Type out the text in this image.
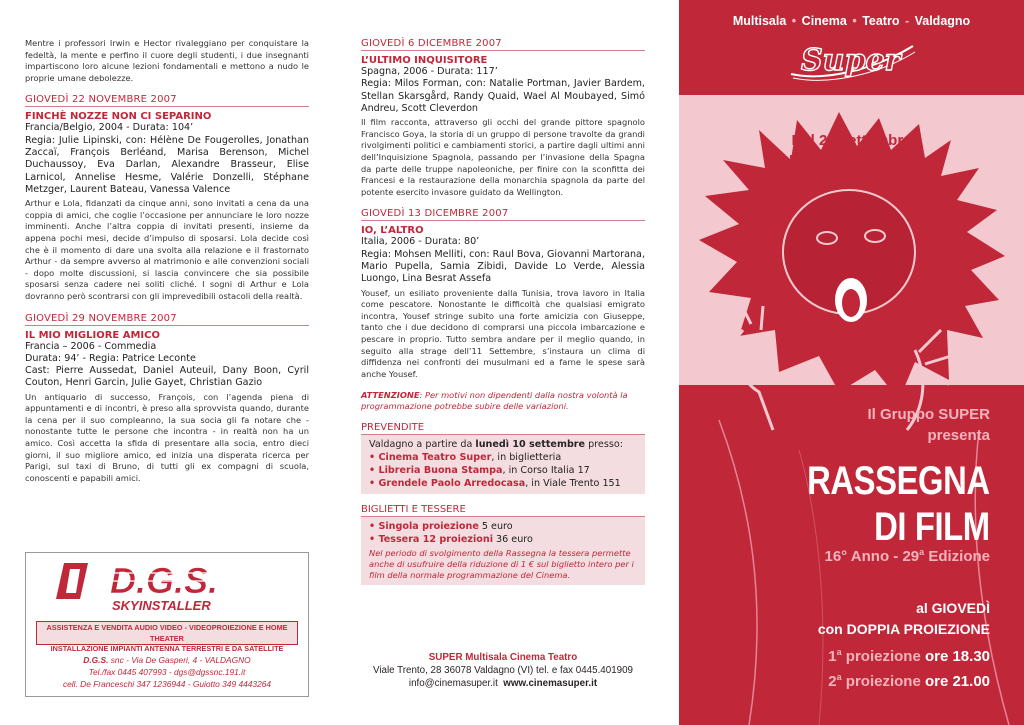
Mentre i professori Irwin e Hector rivaleggiano per conquistare la fedeltà, la mente e perfino il cuore degli studenti, i due insegnanti impartiscono loro alcune lezioni fondamentali e mettono a nudo le proprie umane debolezze.

GIOVEDÌ 22 NOVEMBRE 2007
FINCHÈ NOZZE NON CI SEPARINO
Francia/Belgio, 2004 - Durata: 104’
Regia: Julie Lipinski, con: Hélène De Fougerolles, Jonathan Zaccaï, François Berléand, Marisa Berenson, Michel Duchaussoy, Eva Darlan, Alexandre Brasseur, Elise Larnicol, Annelise Hesme, Valérie Donzelli, Stéphane Metzger, Laurent Bateau, Vanessa Valence

Arthur e Lola, fidanzati da cinque anni, sono invitati a cena da una coppia di amici, che coglie l’occasione per annunciare le loro nozze imminenti. Anche l’altra coppia di invitati presenti, insieme da appena pochi mesi, decide d’impulso di sposarsi. Lola decide così che è il momento di dare una svolta alla relazione e il frastornato Arthur - da sempre avverso al matrimonio e alle convenzioni sociali - dopo molte discussioni, si lascia convincere che sia possibile sposarsi senza cadere nei soliti cliché. I sogni di Arthur e Lola dovranno però scontrarsi con gli imprevedibili ostacoli della realtà.

GIOVEDÌ 29 NOVEMBRE 2007
IL MIO MIGLIORE AMICO
Francia – 2006 - Commedia
Durata: 94’ - Regia: Patrice Leconte
Cast: Pierre Aussedat, Daniel Auteuil, Dany Boon, Cyril Couton, Henri Garcin, Julie Gayet, Christian Gazio

Un antiquario di successo, François, con l’agenda piena di appuntamenti e di incontri, è preso alla sprovvista quando, durante la cena per il suo compleanno, la sua socia gli fa notare che - nonostante tutte le persone che incontra - in realtà non ha un amico. Così accetta la sfida di presentare alla socia, entro dieci giorni, il suo migliore amico, ed inizia una disperata ricerca per Parigi, sul taxi di Bruno, di tutti gli ex compagni di scuola, conoscenti e papabili amici.

D.G.S.
SKYINSTALLER
ASSISTENZA E VENDITA AUDIO VIDEO - VIDEOPROIEZIONE E HOME THEATER
INSTALLAZIONE IMPIANTI ANTENNA TERRESTRI E DA SATELLITE
D.G.S. snc - Via De Gasperi, 4 - VALDAGNO
Tel./fax 0445 407993 - dgs@dgssnc.191.it
cell. De Franceschi 347 1236944 - Guiotto 349 4443264
GIOVEDÌ 6 DICEMBRE 2007
L’ULTIMO INQUISITORE
Spagna, 2006 - Durata: 117’
Regia: Milos Forman, con: Natalie Portman, Javier Bardem, Stellan Skarsgård, Randy Quaid, Wael Al Moubayed, Simó Andreu, Scott Cleverdon

Il film racconta, attraverso gli occhi del grande pittore spagnolo Francisco Goya, la storia di un gruppo di persone travolte da grandi rivolgimenti politici e cambiamenti storici, a partire dagli ultimi anni dell’Inquisizione Spagnola, passando per l’invasione della Spagna da parte delle truppe napoleoniche, per finire con la sconfitta dei Francesi e la restaurazione della monarchia spagnola da parte del potente esercito invasore guidato da Wellington.

GIOVEDÌ 13 DICEMBRE 2007
IO, L’ALTRO
Italia, 2006 - Durata: 80’
Regia: Mohsen Melliti, con: Raul Bova, Giovanni Martorana, Mario Pupella, Samia Zibidi, Davide Lo Verde, Alessia Luongo, Lina Besrat Assefa

Yousef, un esiliato proveniente dalla Tunisia, trova lavoro in Italia come pescatore. Nonostante le difficoltà che qualsiasi emigrato incontra, Yousef stringe subito una forte amicizia con Giuseppe, tanto che i due decidono di comprarsi una piccola imbarcazione e pescare in proprio. Tutto sembra andare per il meglio quando, in seguito alla strage dell’11 Settembre, s’instaura un clima di diffidenza nei confronti dei musulmani ed a farne le spese sarà anche Yousef.

ATTENZIONE: Per motivi non dipendenti dalla nostra volontà la programmazione potrebbe subire delle variazioni.

PREVENDITE
Valdagno a partire da lunedì 10 settembre presso:
• Cinema Teatro Super, in biglietteria
• Libreria Buona Stampa, in Corso Italia 17
• Grendele Paolo Arredocasa, in Viale Trento 151
BIGLIETTI E TESSERE
• Singola proiezione 5 euro
• Tessera 12 proiezioni 36 euro
Nel periodo di svolgimento della Rassegna la tessera permette anche di usufruire della riduzione di 1 € sul biglietto intero per i film della normale programmazione del Cinema.
SUPER Multisala Cinema Teatro
Viale Trento, 28 36078 Valdagno (VI) tel. e fax 0445.401909
info@cinemasuper.it www.cinemasuper.it
Multisala • Cinema • Teatro - Valdagno
Super
Dal 20 settembre
al 13 dicembre 2007
Il Gruppo SUPER
presenta
RASSEGNA
DI FILM
16° Anno - 29$^a$ Edizione
al GIOVEDÌ
con DOPPIA PROIEZIONE
1$^a$ proiezione ore 18.30
2$^a$ proiezione ore 21.00
